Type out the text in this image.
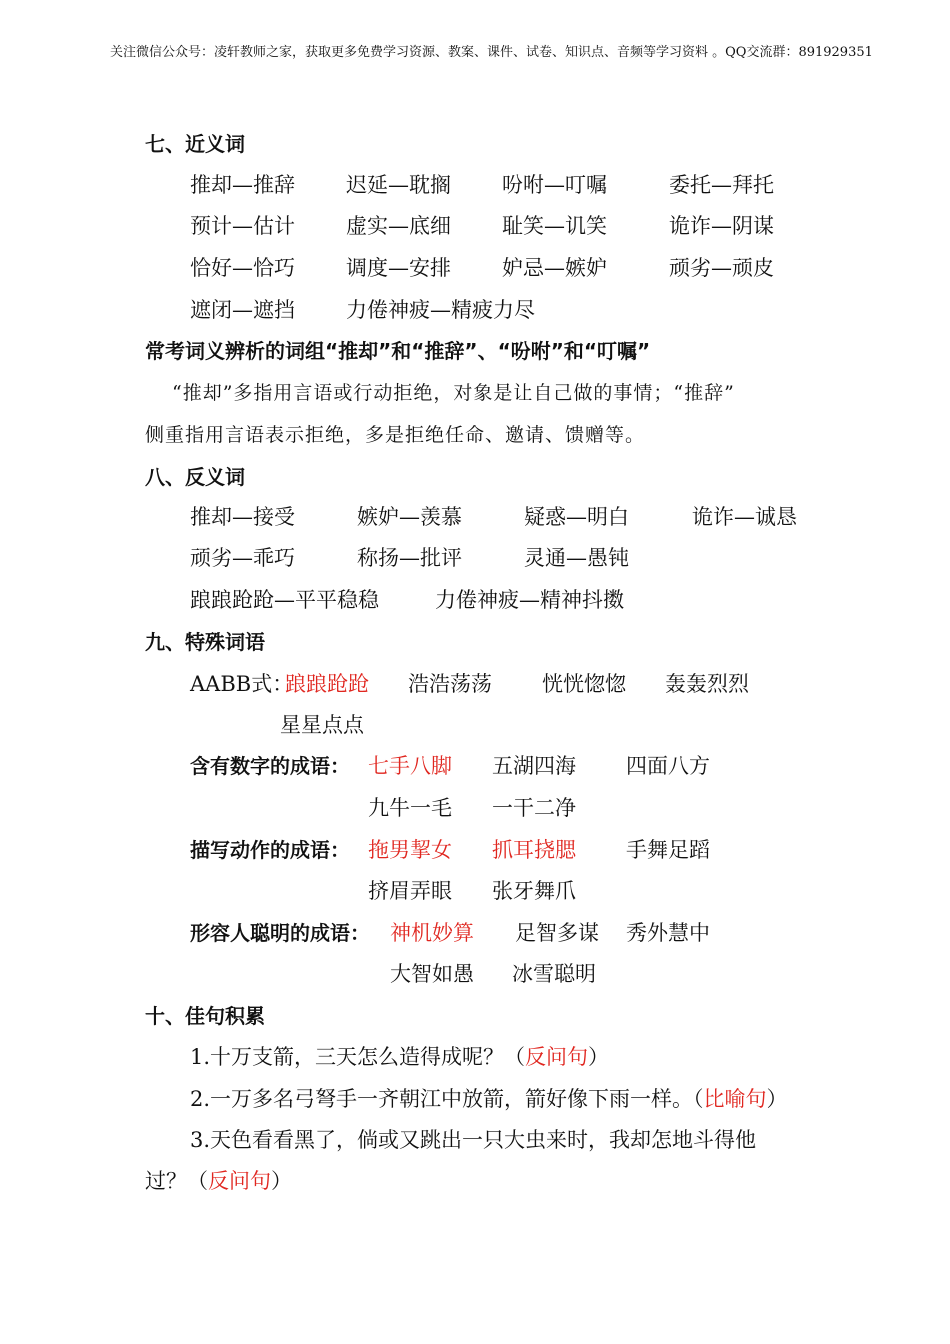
关注微信公众号：凌轩教师之家，获取更多免费学习资源、教案、课件、试卷、知识点、音频等学习资料 。QQ交流群：891929351
七、近义词
推却—推辞 迟延—耽搁 吩咐—叮嘱	委托—拜托
预计—估计 虚实—底细 耻笑—讥笑	诡诈—阴谋
恰好—恰巧 调度—安排 妒忌—嫉妒	顽劣—顽皮
遮闭—遮挡 力倦神疲—精疲力尽
常考词义辨析的词组“推却”和“推辞”、“吩咐”和“叮嘱”
“推却”多指用言语或行动拒绝，对象是让自己做的事情；“推辞”
侧重指用言语表示拒绝，多是拒绝任命、邀请、馈赠等。
八、反义词
推却—接受	嫉妒—羡慕	疑惑—明白	诡诈—诚恳
顽劣—乖巧	称扬—批评	灵通—愚钝
踉踉跄跄—平平稳稳	力倦神疲—精神抖擞
九、特殊词语
AABB式：
踉踉跄跄 浩浩荡荡 恍恍惚惚 轰轰烈烈
星星点点
含有数字的成语： 七手八脚 五湖四海 四面八方
九牛一毛 一干二净
描写动作的成语： 拖男挈女 抓耳挠腮 手舞足蹈
挤眉弄眼 张牙舞爪
形容人聪明的成语： 神机妙算 足智多谋 秀外慧中
大智如愚 冰雪聪明
十、佳句积累
1.十万支箭，三天怎么造得成呢？（反问句）
2.一万多名弓弩手一齐朝江中放箭，箭好像下雨一样。（比喻句）
3.天色看看黑了，倘或又跳出一只大虫来时，我却怎地斗得他
过？（反问句）
